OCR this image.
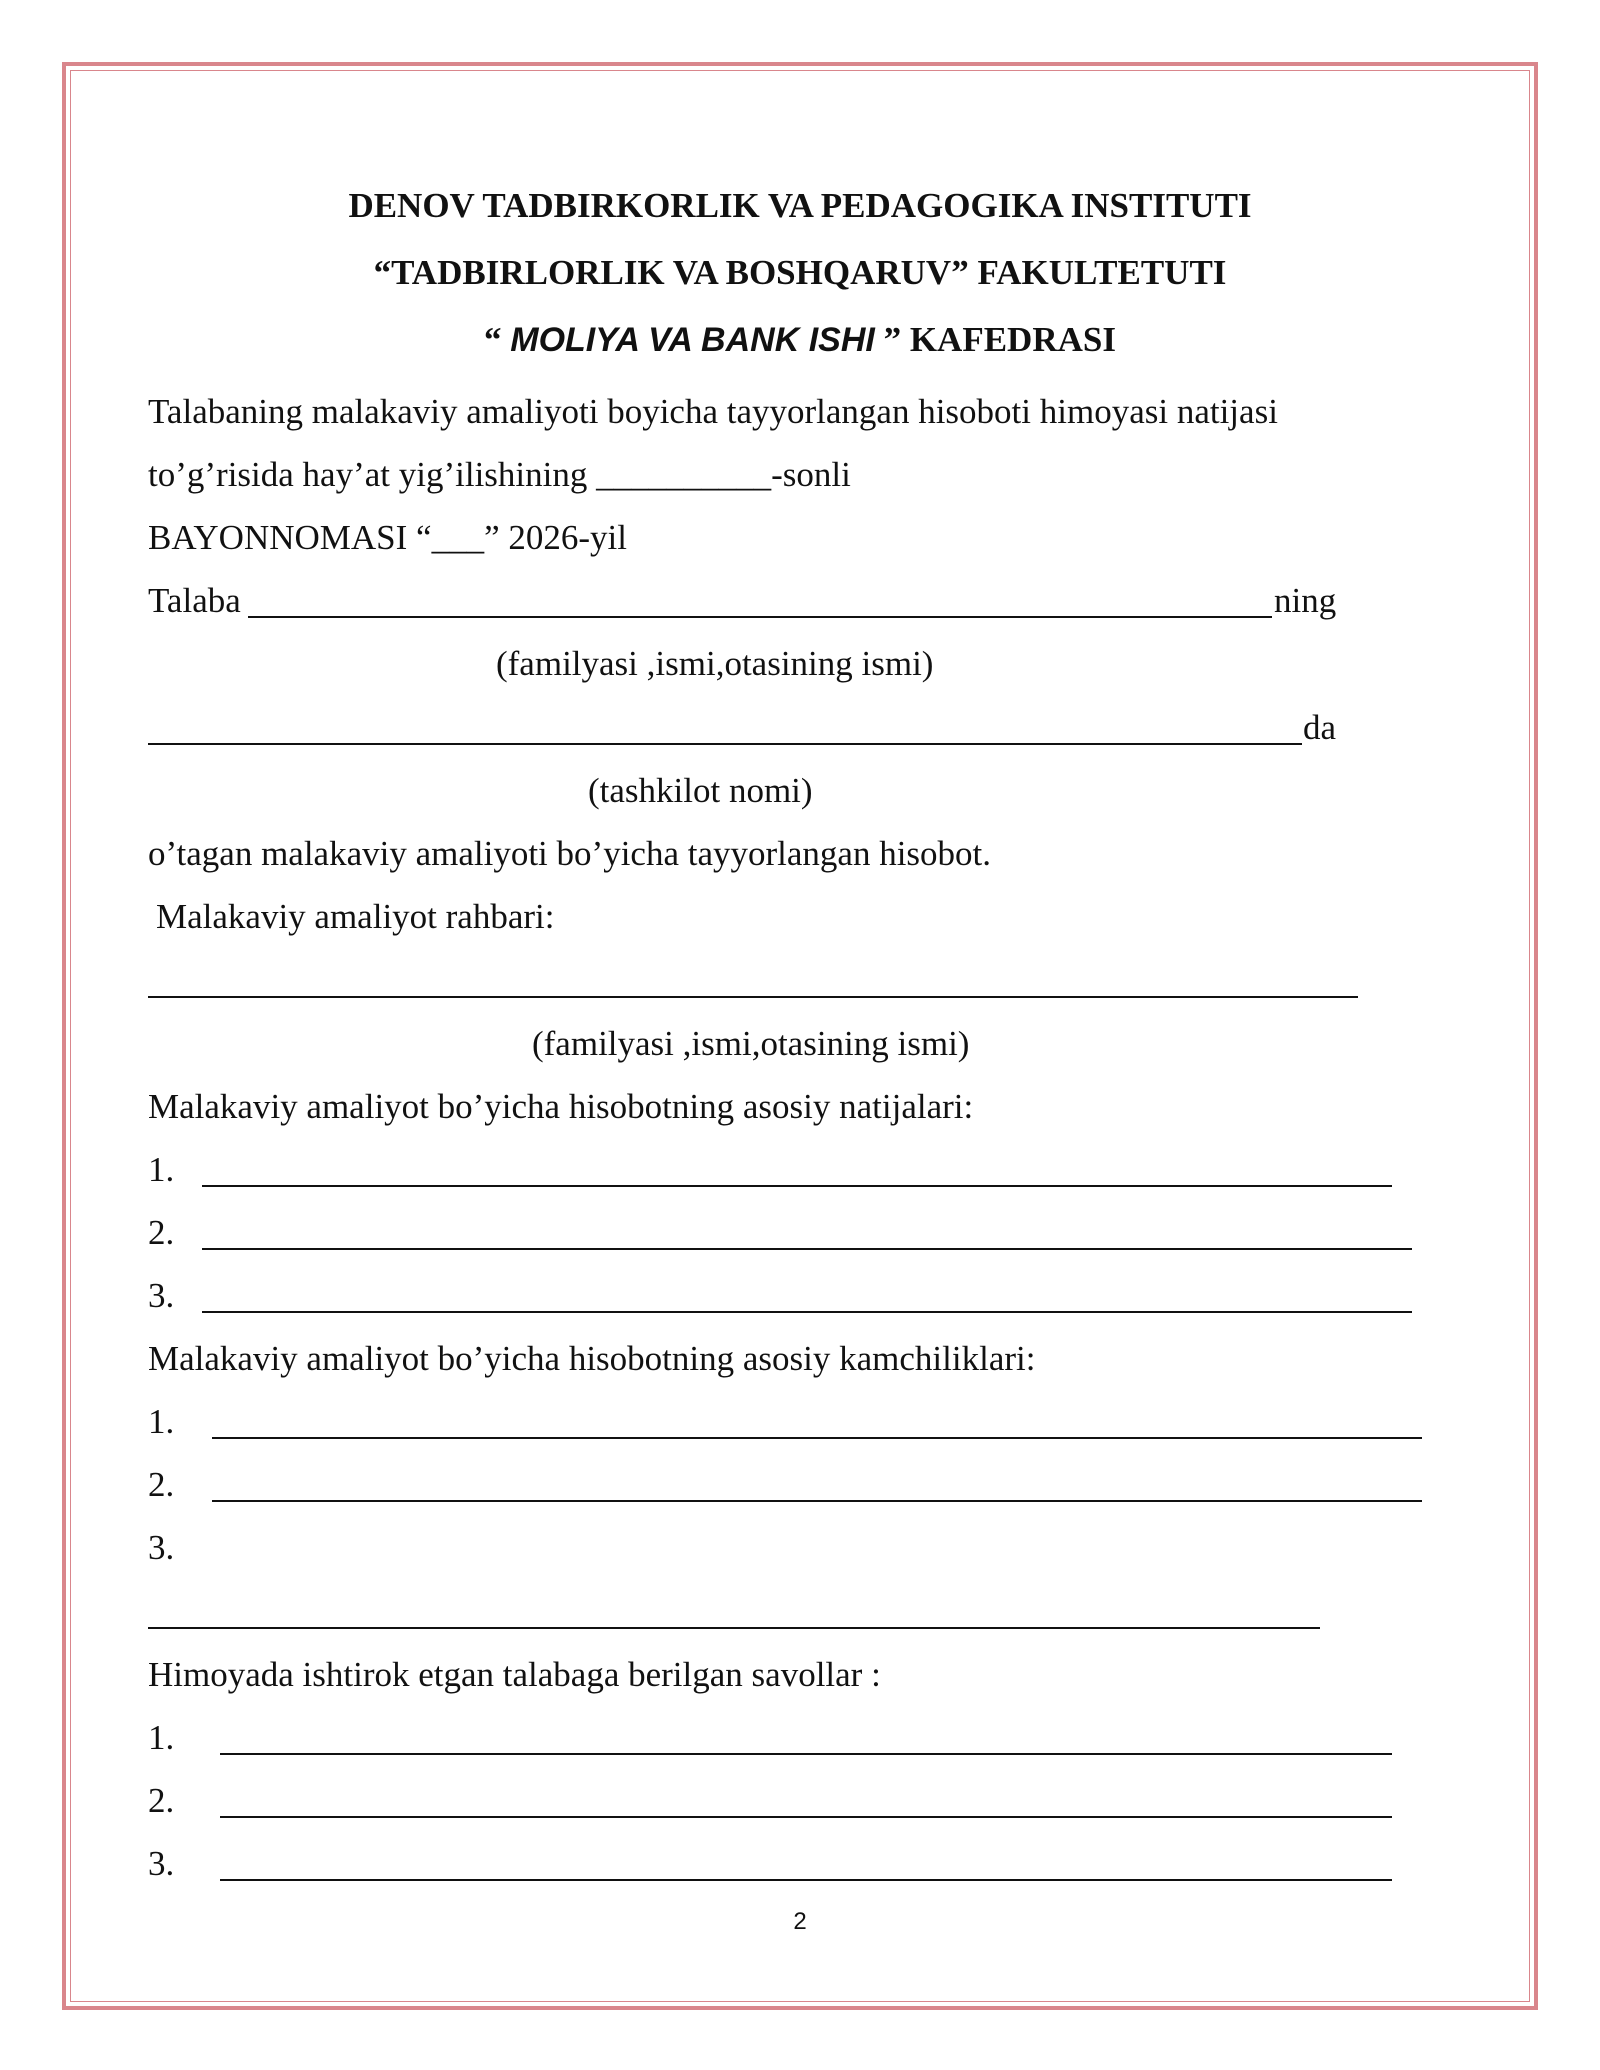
DENOV TADBIRKORLIK VA PEDAGOGIKA INSTITUTI
“TADBIRLORLIK VA BOSHQARUV” FAKULTETUTI
“ MOLIYA VA BANK ISHI ” KAFEDRASI
Talabaning malakaviy amaliyoti boyicha tayyorlangan hisoboti himoyasi natijasi
to’g’risida hay’at yig’ilishining __________-sonli
BAYONNOMASI “___” 2026-yil
Talaba	ning
(familyasi ,ismi,otasining ismi)
da
(tashkilot nomi)
o’tagan malakaviy amaliyoti bo’yicha tayyorlangan hisobot.
Malakaviy amaliyot rahbari:
(familyasi ,ismi,otasining ismi)
Malakaviy amaliyot bo’yicha hisobotning asosiy natijalari:
1.
2.
3.
Malakaviy amaliyot bo’yicha hisobotning asosiy kamchiliklari:
1.
2.
3.
Himoyada ishtirok etgan talabaga berilgan savollar :
1.
2.
3.
2
